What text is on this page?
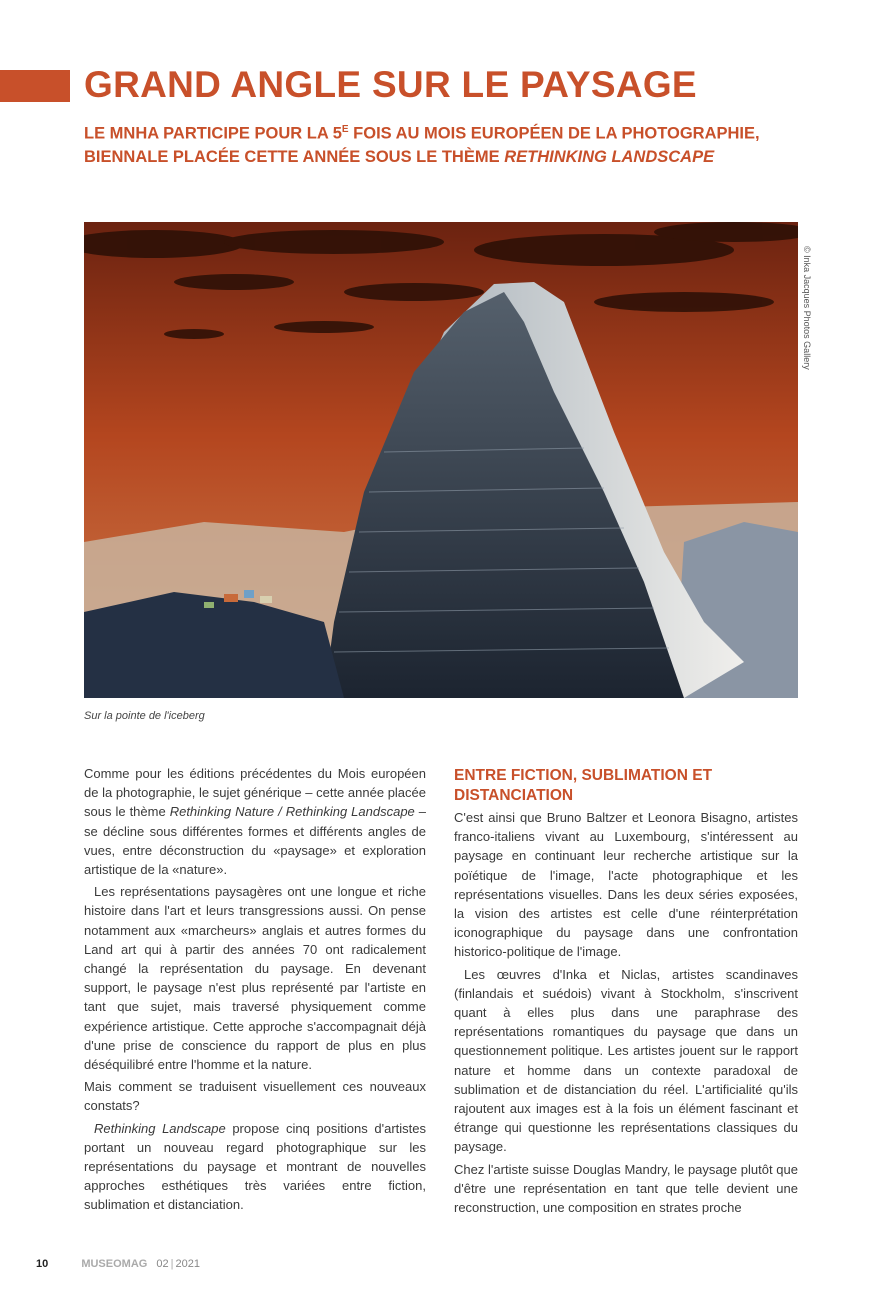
GRAND ANGLE SUR LE PAYSAGE

LE MNHA PARTICIPE POUR LA $5^E$ FOIS AU MOIS EUROPÉEN DE LA PHOTOGRAPHIE, BIENNALE PLACÉE CETTE ANNÉE SOUS LE THÈME RETHINKING LANDSCAPE

© Inka Jacques Photos Gallery
Sur la pointe de l'iceberg

Comme pour les éditions précédentes du Mois européen de la photographie, le sujet générique – cette année placée sous le thème Rethinking Nature / Rethinking Landscape – se décline sous différentes formes et différents angles de vues, entre déconstruction du «paysage» et exploration artistique de la «nature».

Les représentations paysagères ont une longue et riche histoire dans l'art et leurs transgressions aussi. On pense notamment aux «marcheurs» anglais et autres formes du Land art qui à partir des années 70 ont radicalement changé la représentation du paysage. En devenant support, le paysage n'est plus représenté par l'artiste en tant que sujet, mais traversé physiquement comme expérience artistique. Cette approche s'accompagnait déjà d'une prise de conscience du rapport de plus en plus déséquilibré entre l'homme et la nature.

Mais comment se traduisent visuellement ces nouveaux constats?

Rethinking Landscape propose cinq positions d'artistes portant un nouveau regard photographique sur les représentations du paysage et montrant de nouvelles approches esthétiques très variées entre fiction, sublimation et distanciation.

ENTRE FICTION, SUBLIMATION ET DISTANCIATION

C'est ainsi que Bruno Baltzer et Leonora Bisagno, artistes franco-italiens vivant au Luxembourg, s'intéressent au paysage en continuant leur recherche artistique sur la poïétique de l'image, l'acte photographique et les représentations visuelles. Dans les deux séries exposées, la vision des artistes est celle d'une réinterprétation iconographique du paysage dans une confrontation historico-politique de l'image.

Les œuvres d'Inka et Niclas, artistes scandinaves (finlandais et suédois) vivant à Stockholm, s'inscrivent quant à elles plus dans une paraphrase des représentations romantiques du paysage que dans un questionnement politique. Les artistes jouent sur le rapport nature et homme dans un contexte paradoxal de sublimation et de distanciation du réel. L'artificialité qu'ils rajoutent aux images est à la fois un élément fascinant et étrange qui questionne les représentations classiques du paysage.

Chez l'artiste suisse Douglas Mandry, le paysage plutôt que d'être une représentation en tant que telle devient une reconstruction, une composition en strates proche

10	MUSEOMAG 02 | 2021
